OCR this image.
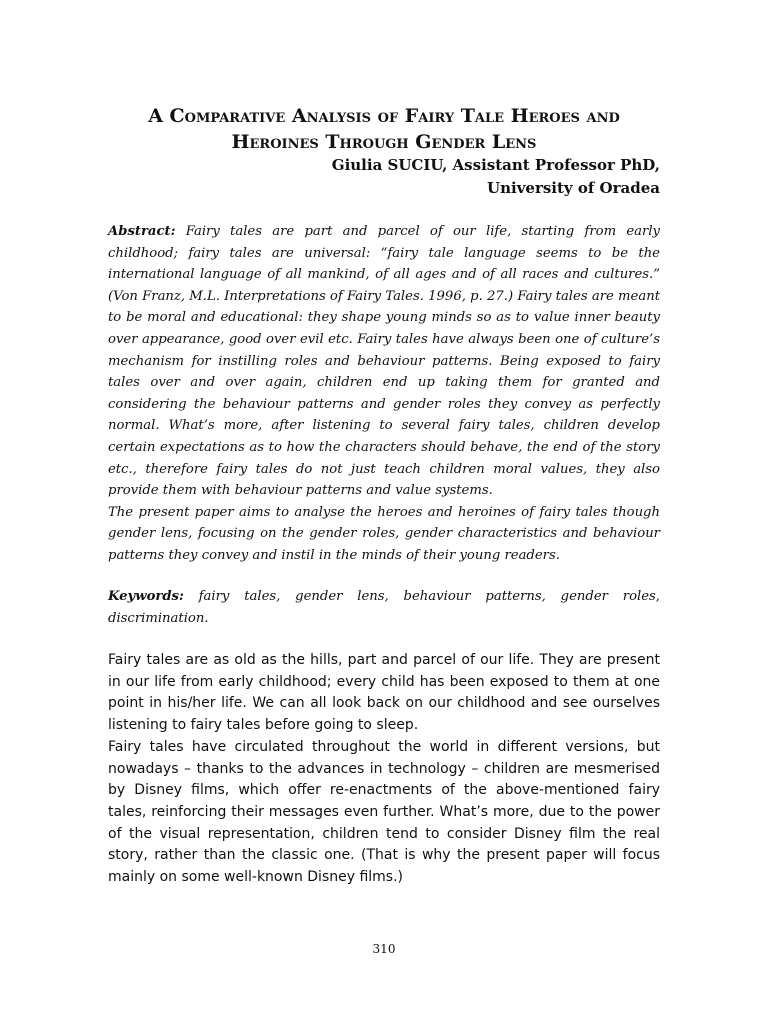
A Comparative Analysis of Fairy Tale Heroes and
Heroines Through Gender Lens
Giulia SUCIU, Assistant Professor PhD,
University of Oradea
Abstract: Fairy tales are part and parcel of our life, starting from early childhood; fairy tales are universal: “fairy tale language seems to be the international language of all mankind, of all ages and of all races and cultures.” (Von Franz, M.L. Interpretations of Fairy Tales. 1996, p. 27.) Fairy tales are meant to be moral and educational: they shape young minds so as to value inner beauty over appearance, good over evil etc. Fairy tales have always been one of culture’s mechanism for instilling roles and behaviour patterns. Being exposed to fairy tales over and over again, children end up taking them for granted and considering the behaviour patterns and gender roles they convey as perfectly normal. What’s more, after listening to several fairy tales, children develop certain expectations as to how the characters should behave, the end of the story etc., therefore fairy tales do not just teach children moral values, they also provide them with behaviour patterns and value systems.
The present paper aims to analyse the heroes and heroines of fairy tales though gender lens, focusing on the gender roles, gender characteristics and behaviour patterns they convey and instil in the minds of their young readers.
Keywords: fairy tales, gender lens, behaviour patterns, gender roles, discrimination.

Fairy tales are as old as the hills, part and parcel of our life. They are present in our life from early childhood; every child has been exposed to them at one point in his/her life. We can all look back on our childhood and see ourselves listening to fairy tales before going to sleep.

Fairy tales have circulated throughout the world in different versions, but nowadays – thanks to the advances in technology – children are mesmerised by Disney films, which offer re-enactments of the above-mentioned fairy tales, reinforcing their messages even further. What’s more, due to the power of the visual representation, children tend to consider Disney film the real story, rather than the classic one. (That is why the present paper will focus mainly on some well-known Disney films.)

310
